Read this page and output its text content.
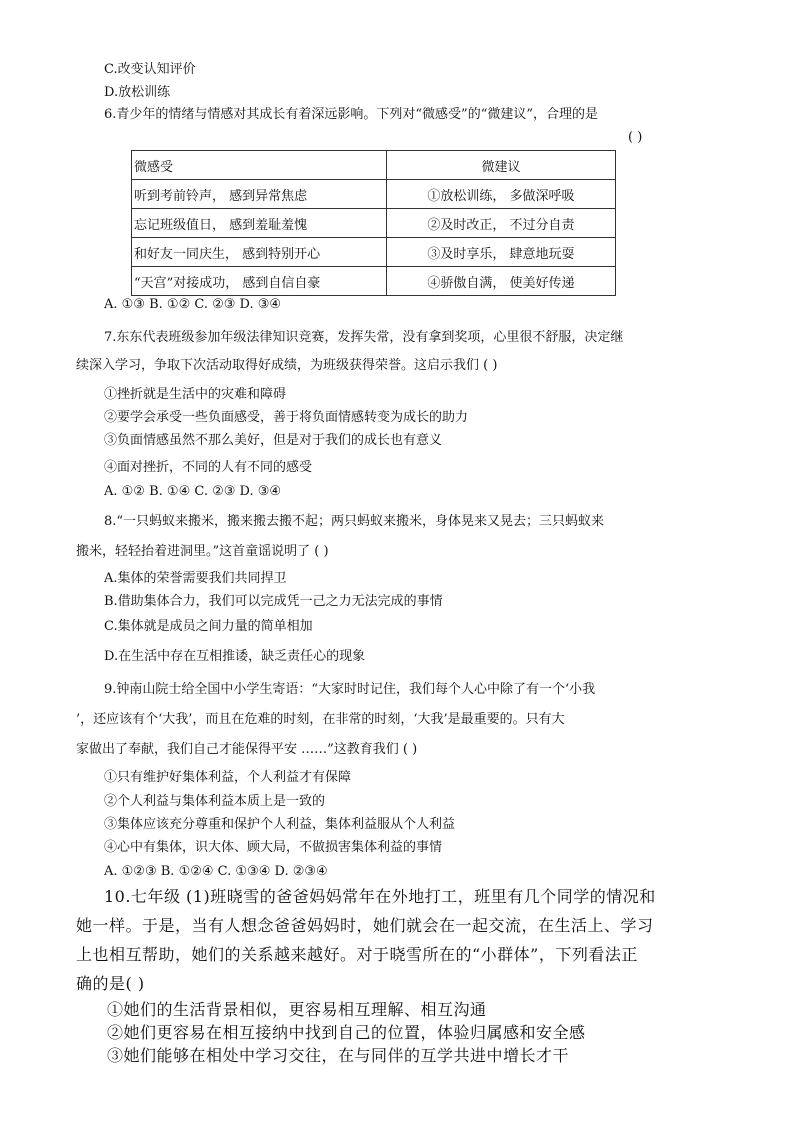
C.改变认知评价
D.放松训练
6.青少年的情绪与情感对其成长有着深远影响。下列对“微感受”的“微建议”，合理的是
( )
微感受	微建议
听到考前铃声， 感到异常焦虑	①放松训练， 多做深呼吸
忘记班级值日， 感到羞耻羞愧	②及时改正， 不过分自责
和好友一同庆生， 感到特别开心	③及时享乐， 肆意地玩耍
“天宫”对接成功， 感到自信自豪	④骄傲自满， 使美好传递
A. ①③ B. ①② C. ②③ D. ③④
7.东东代表班级参加年级法律知识竞赛，发挥失常，没有拿到奖项，心里很不舒服，决定继
续深入学习，争取下次活动取得好成绩，为班级获得荣誉。这启示我们 ( )
①挫折就是生活中的灾难和障碍
②要学会承受一些负面感受，善于将负面情感转变为成长的助力
③负面情感虽然不那么美好，但是对于我们的成长也有意义
④面对挫折，不同的人有不同的感受
A. ①② B. ①④ C. ②③ D. ③④
8.“一只蚂蚁来搬米，搬来搬去搬不起；两只蚂蚁来搬米，身体晃来又晃去；三只蚂蚁来
搬米，轻轻抬着进洞里。”这首童谣说明了 ( )
A.集体的荣誉需要我们共同捍卫
B.借助集体合力，我们可以完成凭一己之力无法完成的事情
C.集体就是成员之间力量的简单相加
D.在生活中存在互相推诿，缺乏责任心的现象
9.钟南山院士给全国中小学生寄语：“大家时时记住，我们每个人心中除了有一个‘小我
’，还应该有个‘大我’，而且在危难的时刻，在非常的时刻，‘大我’是最重要的。只有大
家做出了奉献，我们自己才能保得平安 ……”这教育我们 ( )
①只有维护好集体利益，个人利益才有保障
②个人利益与集体利益本质上是一致的
③集体应该充分尊重和保护个人利益，集体利益服从个人利益
④心中有集体，识大体、顾大局，不做损害集体利益的事情
A. ①②③ B. ①②④ C. ①③④ D. ②③④
10.七年级 (1)班晓雪的爸爸妈妈常年在外地打工，班里有几个同学的情况和
她一样。于是，当有人想念爸爸妈妈时，她们就会在一起交流，在生活上、学习
上也相互帮助，她们的关系越来越好。对于晓雪所在的“小群体”，下列看法正
确的是( )
①她们的生活背景相似，更容易相互理解、相互沟通
②她们更容易在相互接纳中找到自己的位置，体验归属感和安全感
③她们能够在相处中学习交往，在与同伴的互学共进中增长才干
